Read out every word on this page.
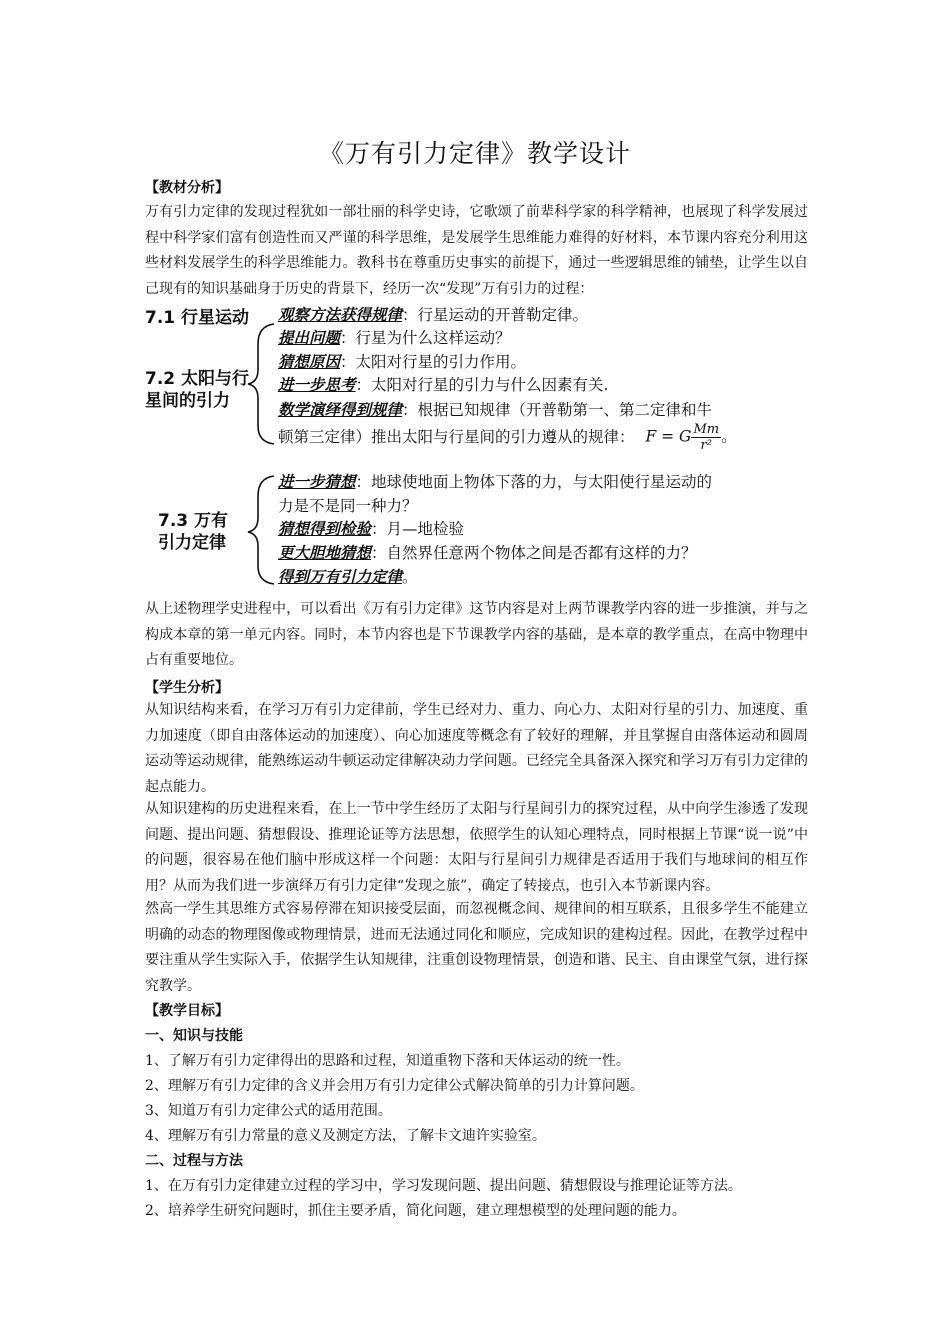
《万有引力定律》教学设计
【教材分析】
万有引力定律的发现过程犹如一部壮丽的科学史诗，它歌颂了前辈科学家的科学精神，也展现了科学发展过程中科学家们富有创造性而又严谨的科学思维，是发展学生思维能力难得的好材料，本节课内容充分利用这些材料发展学生的科学思维能力。教科书在尊重历史事实的前提下，通过一些逻辑思维的铺垫，让学生以自己现有的知识基础身于历史的背景下，经历一次“发现”万有引力的过程：
7.1 行星运动
7.2 太阳与行星间的引力
7.3 万有引力定律
观察方法获得规律：行星运动的开普勒定律。
提出问题：行星为什么这样运动？
猜想原因：太阳对行星的引力作用。
进一步思考：太阳对行星的引力与什么因素有关.
数学演绎得到规律：根据已知规律（开普勒第一、第二定律和牛
顿第三定律）推出太阳与行星间的引力遵从的规律： F = G $\frac{Mm}{\text{r²}}$ 。
进一步猜想：地球使地面上物体下落的力，与太阳使行星运动的
力是不是同一种力？
猜想得到检验：月—地检验
更大胆地猜想：自然界任意两个物体之间是否都有这样的力？
得到万有引力定律。
从上述物理学史进程中，可以看出《万有引力定律》这节内容是对上两节课教学内容的进一步推演，并与之构成本章的第一单元内容。同时，本节内容也是下节课教学内容的基础，是本章的教学重点，在高中物理中占有重要地位。
【学生分析】
从知识结构来看，在学习万有引力定律前，学生已经对力、重力、向心力、太阳对行星的引力、加速度、重力加速度（即自由落体运动的加速度）、向心加速度等概念有了较好的理解，并且掌握自由落体运动和圆周运动等运动规律，能熟练运动牛顿运动定律解决动力学问题。已经完全具备深入探究和学习万有引力定律的起点能力。
从知识建构的历史进程来看，在上一节中学生经历了太阳与行星间引力的探究过程，从中向学生渗透了发现问题、提出问题、猜想假设、推理论证等方法思想，依照学生的认知心理特点，同时根据上节课“说一说”中的问题，很容易在他们脑中形成这样一个问题：太阳与行星间引力规律是否适用于我们与地球间的相互作用？从而为我们进一步演绎万有引力定律“发现之旅”，确定了转接点，也引入本节新课内容。
然高一学生其思维方式容易停滞在知识接受层面，而忽视概念间、规律间的相互联系，且很多学生不能建立明确的动态的物理图像或物理情景，进而无法通过同化和顺应，完成知识的建构过程。因此，在教学过程中要注重从学生实际入手，依据学生认知规律，注重创设物理情景，创造和谐、民主、自由课堂气氛，进行探究教学。
【教学目标】
一、知识与技能
1、了解万有引力定律得出的思路和过程，知道重物下落和天体运动的统一性。
2、理解万有引力定律的含义并会用万有引力定律公式解决简单的引力计算问题。
3、知道万有引力定律公式的适用范围。
4、理解万有引力常量的意义及测定方法，了解卡文迪许实验室。
二、过程与方法
1、在万有引力定律建立过程的学习中，学习发现问题、提出问题、猜想假设与推理论证等方法。
2、培养学生研究问题时，抓住主要矛盾，简化问题，建立理想模型的处理问题的能力。
